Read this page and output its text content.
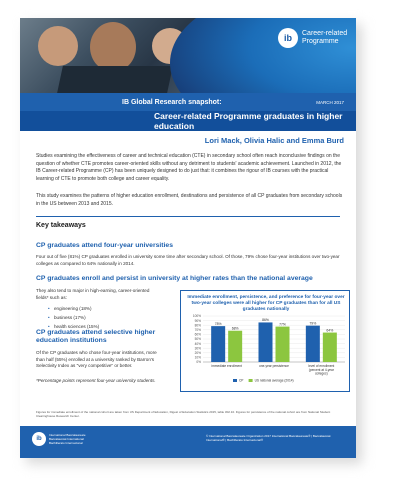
ib	Career-related Programme
IB Global Research snapshot:	MARCH 2017
Career-related Programme graduates in higher education
Lori Mack, Olivia Halic and Emma Burd

Studies examining the effectiveness of career and technical education (CTE) in secondary school often reach inconclusive findings on the question of whether CTE promotes career-oriented skills without any detriment to students' academic achievement. Launched in 2012, the IB Career-related Programme (CP) has been uniquely designed to do just that: it combines the rigour of IB courses with the practical learning of CTE to promote both college and career equality.

This study examines the patterns of higher education enrollment, destinations and persistence of all CP graduates from secondary schools in the US between 2013 and 2015.

Key takeaways
CP graduates attend four-year universities

Four out of five (81%) CP graduates enrolled in university some time after secondary school. Of those, 79% chose four-year institutions over two-year colleges as compared to 64% nationally in 2014.

CP graduates enroll and persist in university at higher rates than the national average

They also tend to major in high-earning, career-oriented fields* such as:

• engineering (18%)
• business (17%)
• health sciences (15%)
CP graduates attend selective higher education institutions

Of the CP graduates who chose four-year institutions, more than half (55%) enrolled at a university ranked by Barron's Selectivity Index as "very competitive" or better.

*Percentage points represent four-year university students.

Immediate enrollment, persistence, and preference for four-year over two-year colleges were all higher for CP graduates than for all US graduates nationally
100%
90%
80%
70%
60%
50%
40%
30%
20%
10%
0%
78%
68%
immediate enrollment
86%
77%
one-year persistence
79%
64%
level of enrollment
(percent at 4-year
colleges)
CP	US national average (2014)

Figures for immediate enrollment of the national cohort are taken from US Department of Education, Digest of Education Statistics 2015, table 302.10. Figures for persistence of the national cohort are from National Student Clearinghouse Research Center.

ib
International Baccalaureate Baccalauréat International Bachillerato Internacional
© International Baccalaureate Organization 2017 International Baccalaureate® | Baccalauréat International® | Bachillerato Internacional®
